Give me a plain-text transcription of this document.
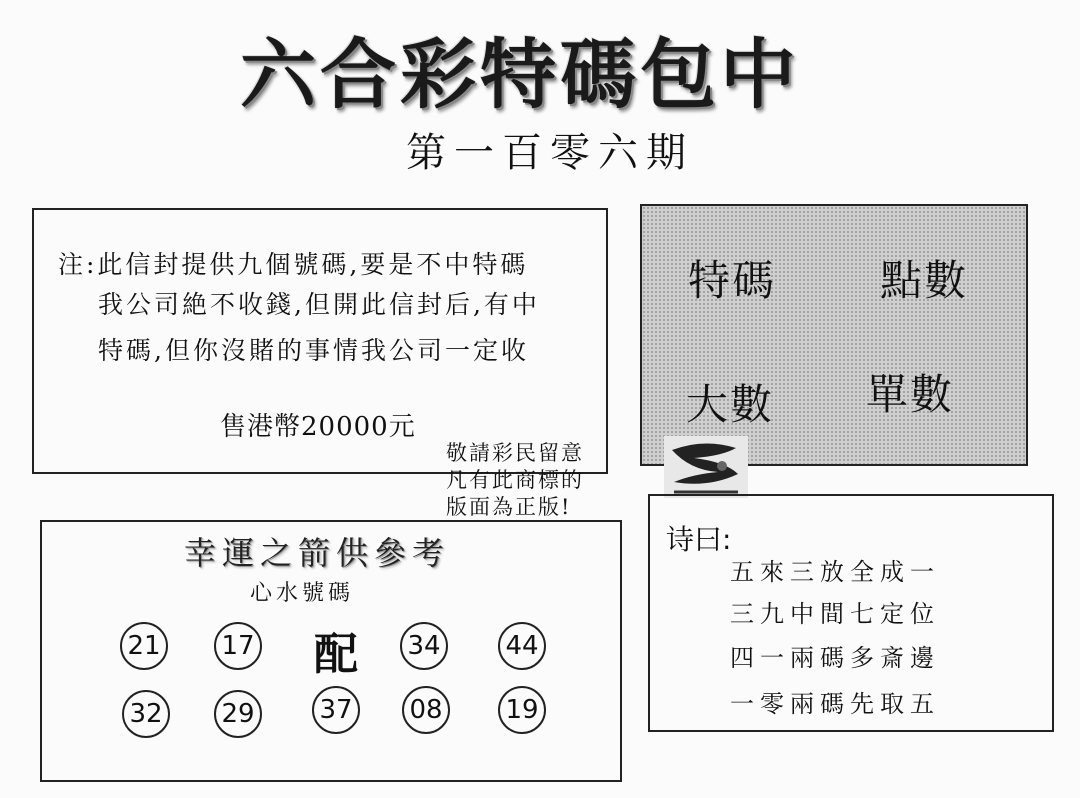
六合彩特碼包中
第一百零六期
注:此信封提供九個號碼,要是不中特碼
我公司絶不收錢,但開此信封后,有中
特碼,但你沒賭的事情我公司一定收
售港幣20000元
特碼 點數
大數 單數
敬請彩民留意
凡有此商標的
版面為正版!
幸運之箭供參考
心水號碼
21 17 配 34 44
32 29 37 08 19
诗曰:
五來三放全成一
三九中間七定位
四一兩碼多斎邊
一零兩碼先取五
